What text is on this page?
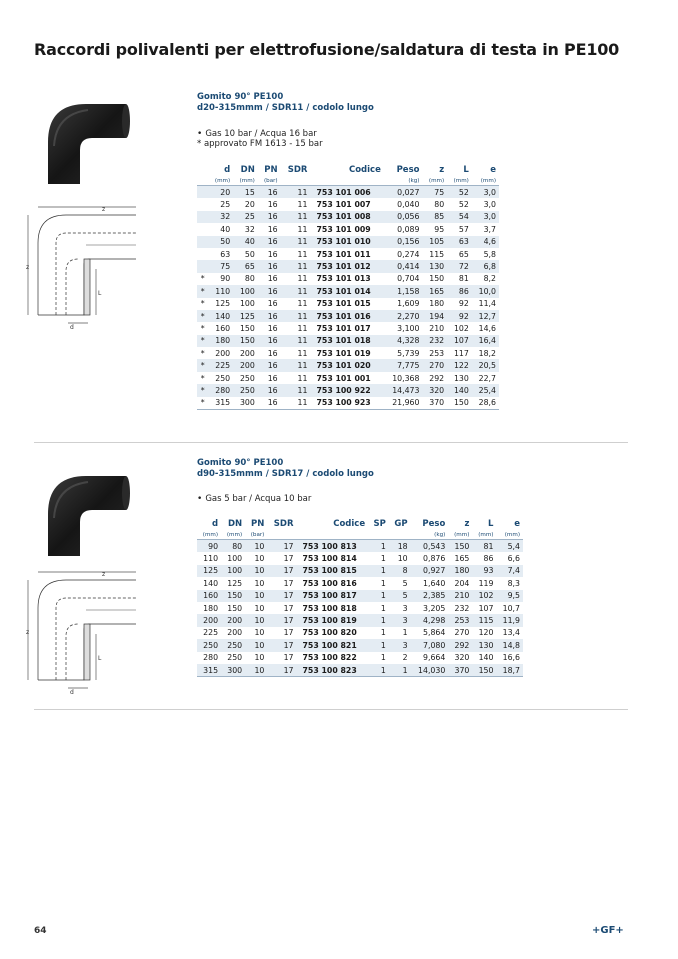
Raccordi polivalenti per elettrofusione/saldatura di testa in PE100
z
z
L
d
Gomito 90° PE100
d20-315mmm / SDR11 / codolo lungo
• Gas 10 bar / Acqua 16 bar
* approvato FM 1613 - 15 bar
	d	DN	PN	SDR	Codice	Peso	z	L	e
	(mm)	(mm)	(bar)			(kg)	(mm)	(mm)	(mm)
	20	15	16	11	753 101 006	0,027	75	52	3,0
	25	20	16	11	753 101 007	0,040	80	52	3,0
	32	25	16	11	753 101 008	0,056	85	54	3,0
	40	32	16	11	753 101 009	0,089	95	57	3,7
	50	40	16	11	753 101 010	0,156	105	63	4,6
	63	50	16	11	753 101 011	0,274	115	65	5,8
	75	65	16	11	753 101 012	0,414	130	72	6,8
*	90	80	16	11	753 101 013	0,704	150	81	8,2
*	110	100	16	11	753 101 014	1,158	165	86	10,0
*	125	100	16	11	753 101 015	1,609	180	92	11,4
*	140	125	16	11	753 101 016	2,270	194	92	12,7
*	160	150	16	11	753 101 017	3,100	210	102	14,6
*	180	150	16	11	753 101 018	4,328	232	107	16,4
*	200	200	16	11	753 101 019	5,739	253	117	18,2
*	225	200	16	11	753 101 020	7,775	270	122	20,5
*	250	250	16	11	753 101 001	10,368	292	130	22,7
*	280	250	16	11	753 100 922	14,473	320	140	25,4
*	315	300	16	11	753 100 923	21,960	370	150	28,6
z
z
L
d
Gomito 90° PE100
d90-315mmm / SDR17 / codolo lungo
• Gas 5 bar / Acqua 10 bar
d	DN	PN	SDR	Codice	SP	GP	Peso	z	L	e
(mm)	(mm)	(bar)					(kg)	(mm)	(mm)	(mm)
90	80	10	17	753 100 813	1	18	0,543	150	81	5,4
110	100	10	17	753 100 814	1	10	0,876	165	86	6,6
125	100	10	17	753 100 815	1	8	0,927	180	93	7,4
140	125	10	17	753 100 816	1	5	1,640	204	119	8,3
160	150	10	17	753 100 817	1	5	2,385	210	102	9,5
180	150	10	17	753 100 818	1	3	3,205	232	107	10,7
200	200	10	17	753 100 819	1	3	4,298	253	115	11,9
225	200	10	17	753 100 820	1	1	5,864	270	120	13,4
250	250	10	17	753 100 821	1	3	7,080	292	130	14,8
280	250	10	17	753 100 822	1	2	9,664	320	140	16,6
315	300	10	17	753 100 823	1	1	14,030	370	150	18,7
64	+GF+
